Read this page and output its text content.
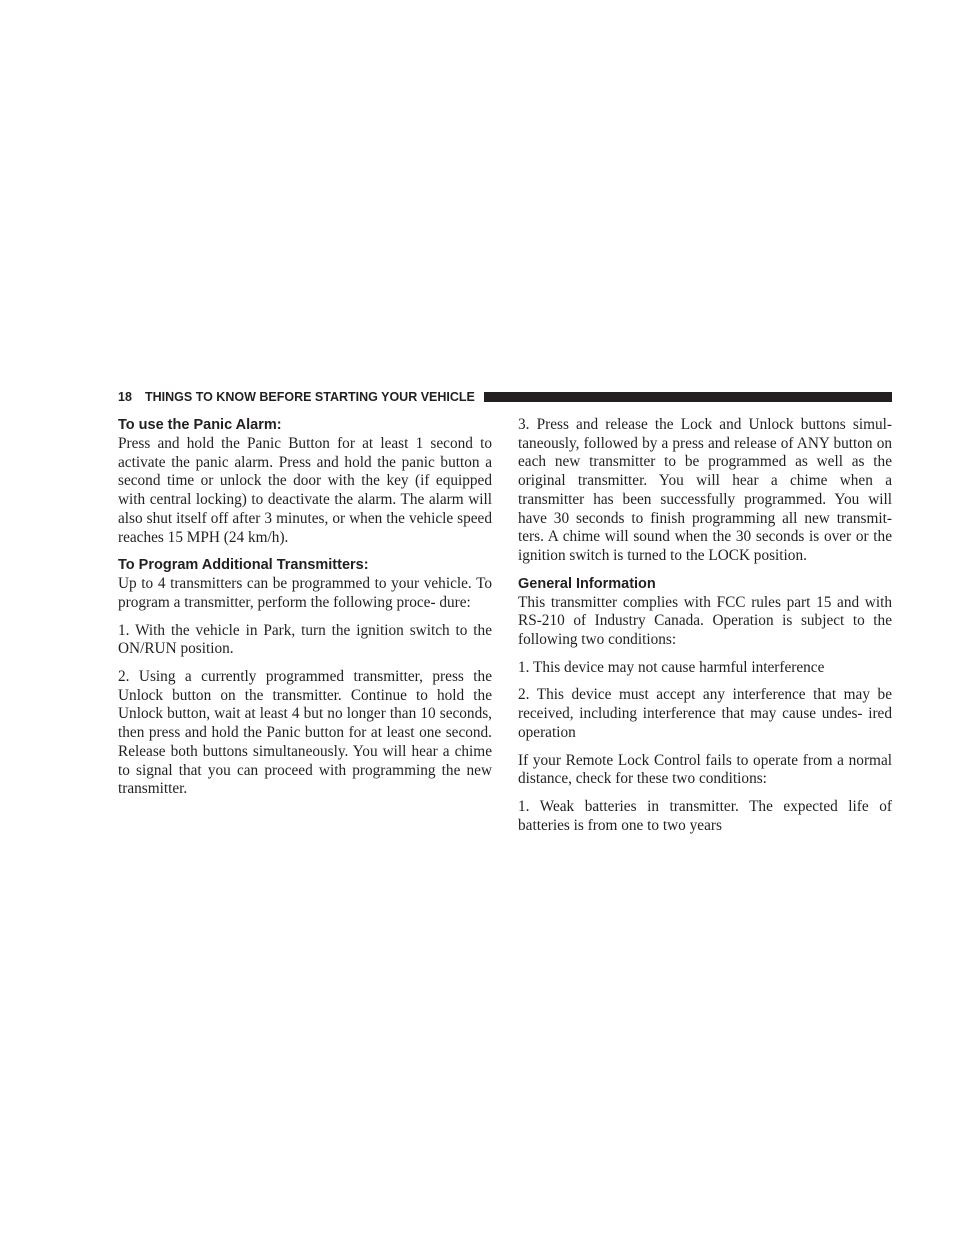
18 THINGS TO KNOW BEFORE STARTING YOUR VEHICLE
To use the Panic Alarm:

Press and hold the Panic Button for at least 1 second to activate the panic alarm. Press and hold the panic button a second time or unlock the door with the key (if equipped with central locking) to deactivate the alarm. The alarm will also shut itself off after 3 minutes, or when the vehicle speed reaches 15 MPH (24 km/h).

To Program Additional Transmitters:

Up to 4 transmitters can be programmed to your vehicle. To program a transmitter, perform the following proce- dure:

1. With the vehicle in Park, turn the ignition switch to the ON/RUN position.

2. Using a currently programmed transmitter, press the Unlock button on the transmitter. Continue to hold the Unlock button, wait at least 4 but no longer than 10 seconds, then press and hold the Panic button for at least one second. Release both buttons simultaneously. You will hear a chime to signal that you can proceed with programming the new transmitter.

3. Press and release the Lock and Unlock buttons simul- taneously, followed by a press and release of ANY button on each new transmitter to be programmed as well as the original transmitter. You will hear a chime when a transmitter has been successfully programmed. You will have 30 seconds to finish programming all new transmit- ters. A chime will sound when the 30 seconds is over or the ignition switch is turned to the LOCK position.

General Information

This transmitter complies with FCC rules part 15 and with RS-210 of Industry Canada. Operation is subject to the following two conditions:

1. This device may not cause harmful interference

2. This device must accept any interference that may be received, including interference that may cause undes- ired operation

If your Remote Lock Control fails to operate from a normal distance, check for these two conditions:

1. Weak batteries in transmitter. The expected life of batteries is from one to two years
